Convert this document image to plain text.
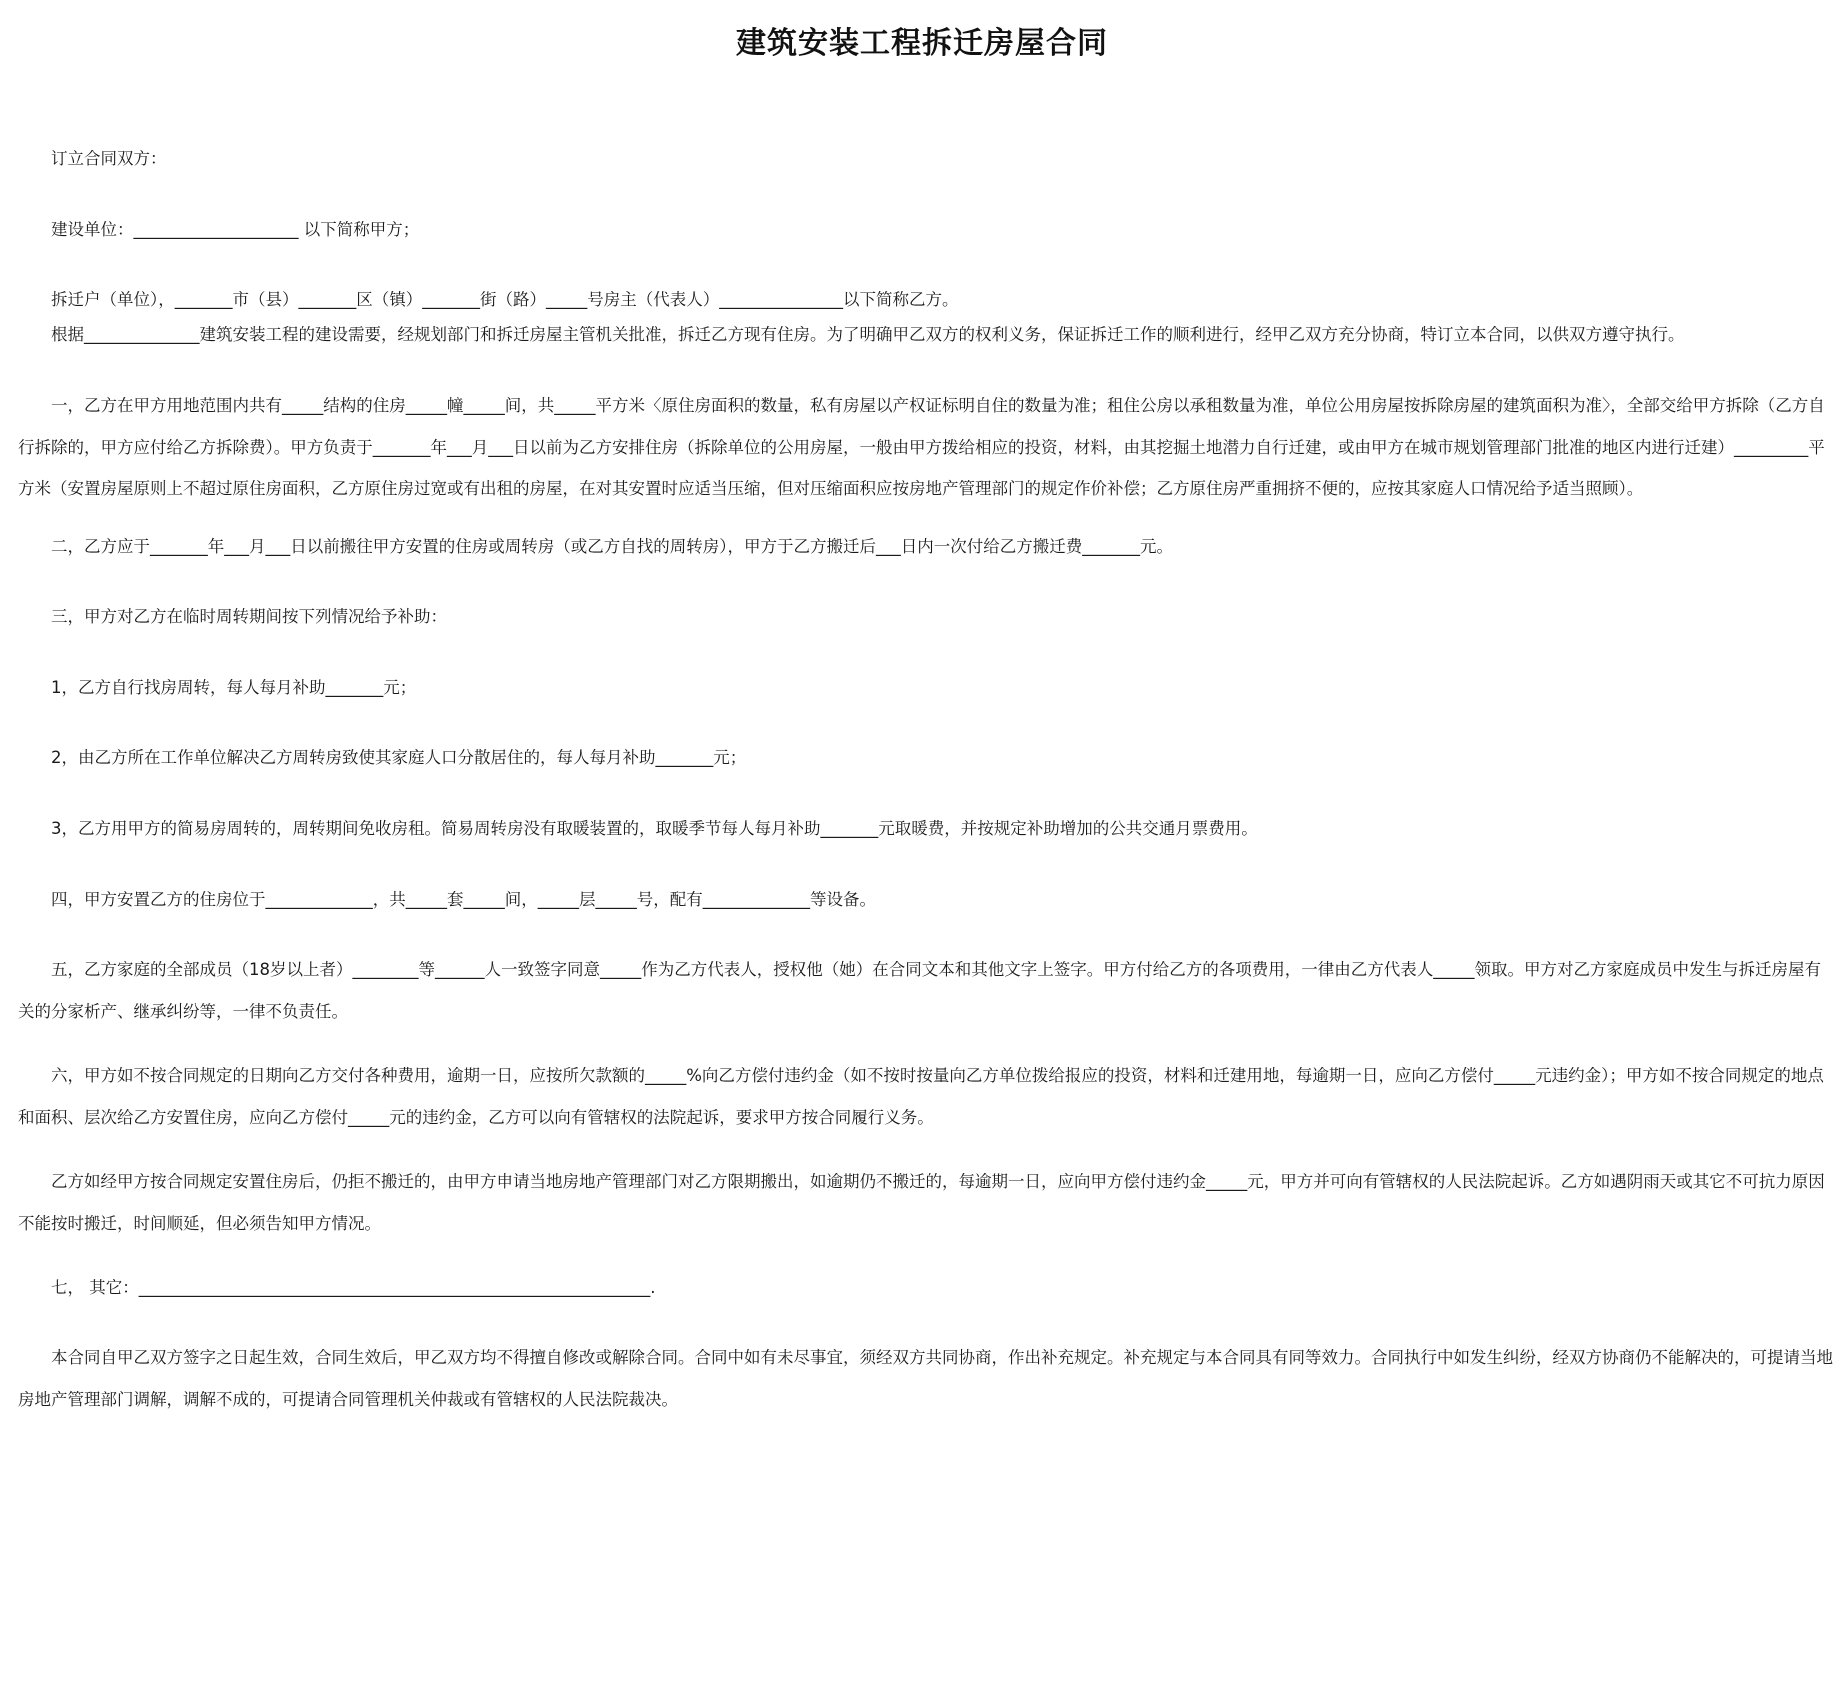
建筑安装工程拆迁房屋合同
订立合同双方：
建设单位：____________________ 以下简称甲方；
拆迁户（单位），_______市（县）_______区（镇）_______街（路）_____号房主（代表人）_______________以下简称乙方。
根据______________建筑安装工程的建设需要，经规划部门和拆迁房屋主管机关批准，拆迁乙方现有住房。为了明确甲乙双方的权利义务，保证拆迁工作的顺利进行，经甲乙双方充分协商，特订立本合同，以供双方遵守执行。
一，乙方在甲方用地范围内共有_____结构的住房_____幢_____间，共_____平方米〈原住房面积的数量，私有房屋以产权证标明自住的数量为准；租住公房以承租数量为准，单位公用房屋按拆除房屋的建筑面积为准〉，全部交给甲方拆除（乙方自行拆除的，甲方应付给乙方拆除费）。甲方负责于_______年___月___日以前为乙方安排住房（拆除单位的公用房屋，一般由甲方拨给相应的投资，材料，由其挖掘土地潜力自行迁建，或由甲方在城市规划管理部门批准的地区内进行迁建）_________平方米（安置房屋原则上不超过原住房面积，乙方原住房过宽或有出租的房屋，在对其安置时应适当压缩，但对压缩面积应按房地产管理部门的规定作价补偿；乙方原住房严重拥挤不便的，应按其家庭人口情况给予适当照顾）。
二，乙方应于_______年___月___日以前搬往甲方安置的住房或周转房（或乙方自找的周转房），甲方于乙方搬迁后___日内一次付给乙方搬迁费_______元。
三，甲方对乙方在临时周转期间按下列情况给予补助：
1，乙方自行找房周转，每人每月补助_______元；
2，由乙方所在工作单位解决乙方周转房致使其家庭人口分散居住的，每人每月补助_______元；
3，乙方用甲方的简易房周转的，周转期间免收房租。简易周转房没有取暖装置的，取暖季节每人每月补助_______元取暖费，并按规定补助增加的公共交通月票费用。
四，甲方安置乙方的住房位于_____________，共_____套_____间，_____层_____号，配有_____________等设备。
五，乙方家庭的全部成员（18岁以上者）________等______人一致签字同意_____作为乙方代表人，授权他（她）在合同文本和其他文字上签字。甲方付给乙方的各项费用，一律由乙方代表人_____领取。甲方对乙方家庭成员中发生与拆迁房屋有关的分家析产、继承纠纷等，一律不负责任。
六，甲方如不按合同规定的日期向乙方交付各种费用，逾期一日，应按所欠款额的_____%向乙方偿付违约金（如不按时按量向乙方单位拨给报应的投资，材料和迁建用地，每逾期一日，应向乙方偿付_____元违约金）；甲方如不按合同规定的地点和面积、层次给乙方安置住房，应向乙方偿付_____元的违约金，乙方可以向有管辖权的法院起诉，要求甲方按合同履行义务。
乙方如经甲方按合同规定安置住房后，仍拒不搬迁的，由甲方申请当地房地产管理部门对乙方限期搬出，如逾期仍不搬迁的，每逾期一日，应向甲方偿付违约金_____元，甲方并可向有管辖权的人民法院起诉。乙方如遇阴雨天或其它不可抗力原因不能按时搬迁，时间顺延，但必须告知甲方情况。
七， 其它：______________________________________________________________.
本合同自甲乙双方签字之日起生效，合同生效后，甲乙双方均不得擅自修改或解除合同。合同中如有未尽事宜，须经双方共同协商，作出补充规定。补充规定与本合同具有同等效力。合同执行中如发生纠纷，经双方协商仍不能解决的，可提请当地房地产管理部门调解，调解不成的，可提请合同管理机关仲裁或有管辖权的人民法院裁决。
